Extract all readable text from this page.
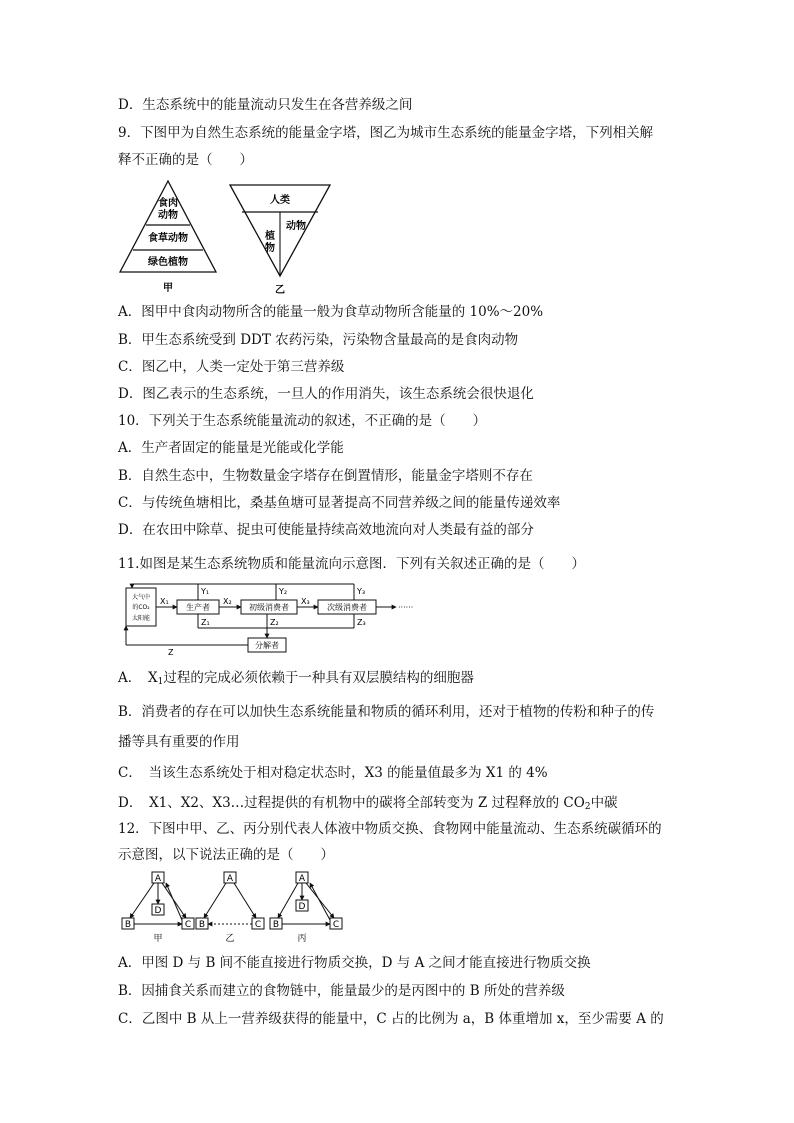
D．生态系统中的能量流动只发生在各营养级之间
9．下图甲为自然生态系统的能量金字塔，图乙为城市生态系统的能量金字塔，下列相关解
释不正确的是（　　）
食肉
动物
食草动物
绿色植物
甲
人类
动物
植
物
乙
A．图甲中食肉动物所含的能量一般为食草动物所含能量的 10%～20%
B．甲生态系统受到 DDT 农药污染，污染物含量最高的是食肉动物
C．图乙中，人类一定处于第三营养级
D．图乙表示的生态系统，一旦人的作用消失，该生态系统会很快退化
10．下列关于生态系统能量流动的叙述，不正确的是（　　）
A．生产者固定的能量是光能或化学能
B．自然生态中，生物数量金字塔存在倒置情形，能量金字塔则不存在
C．与传统鱼塘相比，桑基鱼塘可显著提高不同营养级之间的能量传递效率
D．在农田中除草、捉虫可使能量持续高效地流向对人类最有益的部分
11.如图是某生态系统物质和能量流向示意图．下列有关叙述正确的是（　　）
大气中
的CO₂
太阳能
生产者	初级消费者	次级消费者
分解者
······
X₁	X₂	X₃
Y₁	Y₂	Y₃
Z₁	Z₂	Z₃
Z
A．　$X_1$过程的完成必须依赖于一种具有双层膜结构的细胞器
B．消费者的存在可以加快生态系统能量和物质的循环利用，还对于植物的传粉和种子的传
播等具有重要的作用
C．　当该生态系统处于相对稳定状态时，X3 的能量值最多为 X1 的 4%
D．　X1、X2、X3…过程提供的有机物中的碳将全部转变为 Z 过程释放的 $CO_2$中碳
12．下图中甲、乙、丙分别代表人体液中物质交换、食物网中能量流动、生态系统碳循环的
示意图，以下说法正确的是（　　）
A
B	C
D
甲
A
B	C
乙
A
B	C
D
丙
A．甲图 D 与 B 间不能直接进行物质交换，D 与 A 之间才能直接进行物质交换
B．因捕食关系而建立的食物链中，能量最少的是丙图中的 B 所处的营养级
C．乙图中 B 从上一营养级获得的能量中，C 占的比例为 a，B 体重增加 x，至少需要 A 的
